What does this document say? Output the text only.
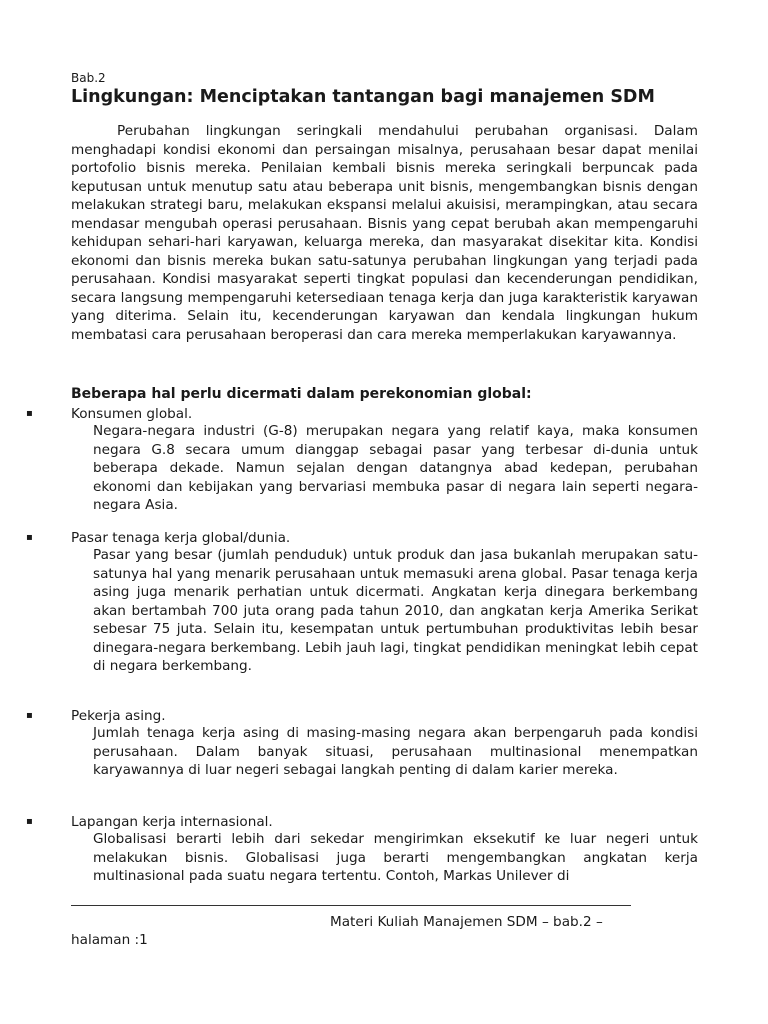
Bab.2
Lingkungan: Menciptakan tantangan bagi manajemen SDM

Perubahan lingkungan seringkali mendahului perubahan organisasi. Dalam menghadapi kondisi ekonomi dan persaingan misalnya, perusahaan besar dapat menilai portofolio bisnis mereka. Penilaian kembali bisnis mereka seringkali berpuncak pada keputusan untuk menutup satu atau beberapa unit bisnis, mengembangkan bisnis dengan melakukan strategi baru, melakukan ekspansi melalui akuisisi, merampingkan, atau secara mendasar mengubah operasi perusahaan. Bisnis yang cepat berubah akan mempengaruhi kehidupan sehari-hari karyawan, keluarga mereka, dan masyarakat disekitar kita. Kondisi ekonomi dan bisnis mereka bukan satu-satunya perubahan lingkungan yang terjadi pada perusahaan. Kondisi masyarakat seperti tingkat populasi dan kecenderungan pendidikan, secara langsung mempengaruhi ketersediaan tenaga kerja dan juga karakteristik karyawan yang diterima. Selain itu, kecenderungan karyawan dan kendala lingkungan hukum membatasi cara perusahaan beroperasi dan cara mereka memperlakukan karyawannya.

Beberapa hal perlu dicermati dalam perekonomian global:
▪	Konsumen global.

Negara-negara industri (G-8) merupakan negara yang relatif kaya, maka konsumen negara G.8 secara umum dianggap sebagai pasar yang terbesar di-dunia untuk beberapa dekade. Namun sejalan dengan datangnya abad kedepan, perubahan ekonomi dan kebijakan yang bervariasi membuka pasar di negara lain seperti negara-negara Asia.

▪	Pasar tenaga kerja global/dunia.

Pasar yang besar (jumlah penduduk) untuk produk dan jasa bukanlah merupakan satu-satunya hal yang menarik perusahaan untuk memasuki arena global. Pasar tenaga kerja asing juga menarik perhatian untuk dicermati. Angkatan kerja dinegara berkembang akan bertambah 700 juta orang pada tahun 2010, dan angkatan kerja Amerika Serikat sebesar 75 juta. Selain itu, kesempatan untuk pertumbuhan produktivitas lebih besar dinegara-negara berkembang. Lebih jauh lagi, tingkat pendidikan meningkat lebih cepat di negara berkembang.

▪	Pekerja asing.

Jumlah tenaga kerja asing di masing-masing negara akan berpengaruh pada kondisi perusahaan. Dalam banyak situasi, perusahaan multinasional menempatkan karyawannya di luar negeri sebagai langkah penting di dalam karier mereka.

▪	Lapangan kerja internasional.

Globalisasi berarti lebih dari sekedar mengirimkan eksekutif ke luar negeri untuk melakukan bisnis. Globalisasi juga berarti mengembangkan angkatan kerja multinasional pada suatu negara tertentu. Contoh, Markas Unilever di

Materi Kuliah Manajemen SDM – bab.2 –
halaman :1
